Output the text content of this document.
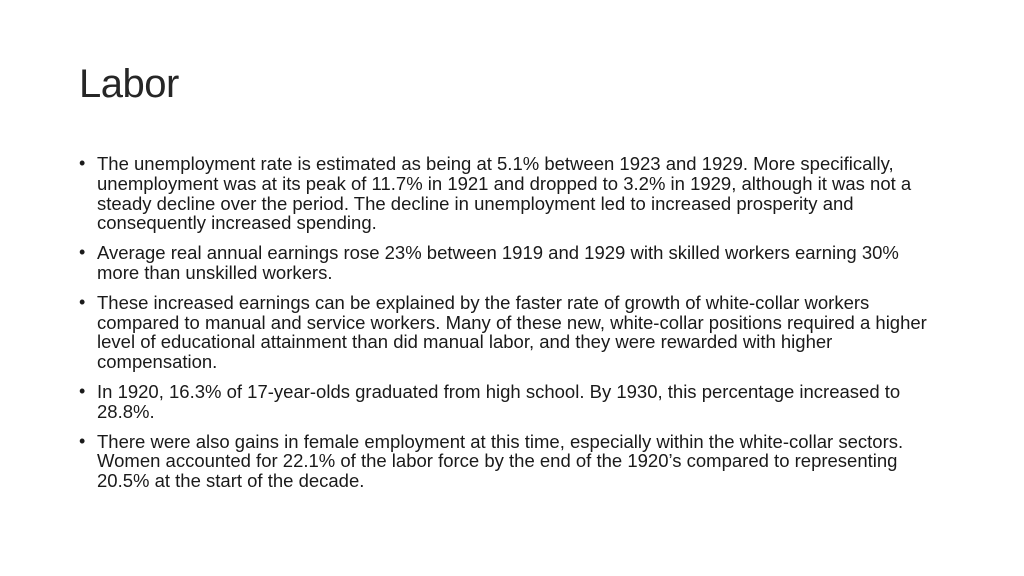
Labor
• The unemployment rate is estimated as being at 5.1% between 1923 and 1929. More specifically, unemployment was at its peak of 11.7% in 1921 and dropped to 3.2% in 1929, although it was not a steady decline over the period. The decline in unemployment led to increased prosperity and consequently increased spending.
• Average real annual earnings rose 23% between 1919 and 1929 with skilled workers earning 30% more than unskilled workers.
• These increased earnings can be explained by the faster rate of growth of white-collar workers compared to manual and service workers. Many of these new, white-collar positions required a higher level of educational attainment than did manual labor, and they were rewarded with higher compensation.
• In 1920, 16.3% of 17-year-olds graduated from high school. By 1930, this percentage increased to 28.8%.
• There were also gains in female employment at this time, especially within the white-collar sectors. Women accounted for 22.1% of the labor force by the end of the 1920’s compared to representing 20.5% at the start of the decade.
